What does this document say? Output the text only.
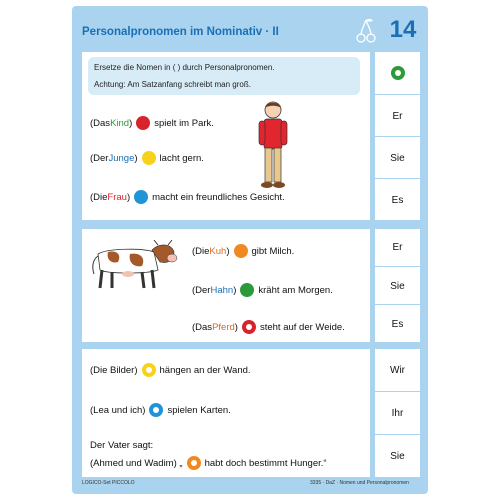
Personalpronomen im Nominativ · II	14
Ersetze die Nomen in ( ) durch Personalpronomen.
Achtung: Am Satzanfang schreibt man groß.
Er
Sie
Es
Er
Sie
Es
Wir
Ihr
Sie
(Das Kind ) spielt im Park.
(Der Junge ) lacht gern.
(Die Frau ) macht ein freundliches Gesicht.
(Die Kuh ) gibt Milch.
(Der Hahn ) kräht am Morgen.
(Das Pferd ) steht auf der Weide.
(Die Bilder) hängen an der Wand.
(Lea und ich) spielen Karten.
Der Vater sagt:
(Ahmed und Wadim) „ habt doch bestimmt Hunger.“
LOGICO-Set PICCOLO	3335 · DaZ · Nomen und Personalpronomen
